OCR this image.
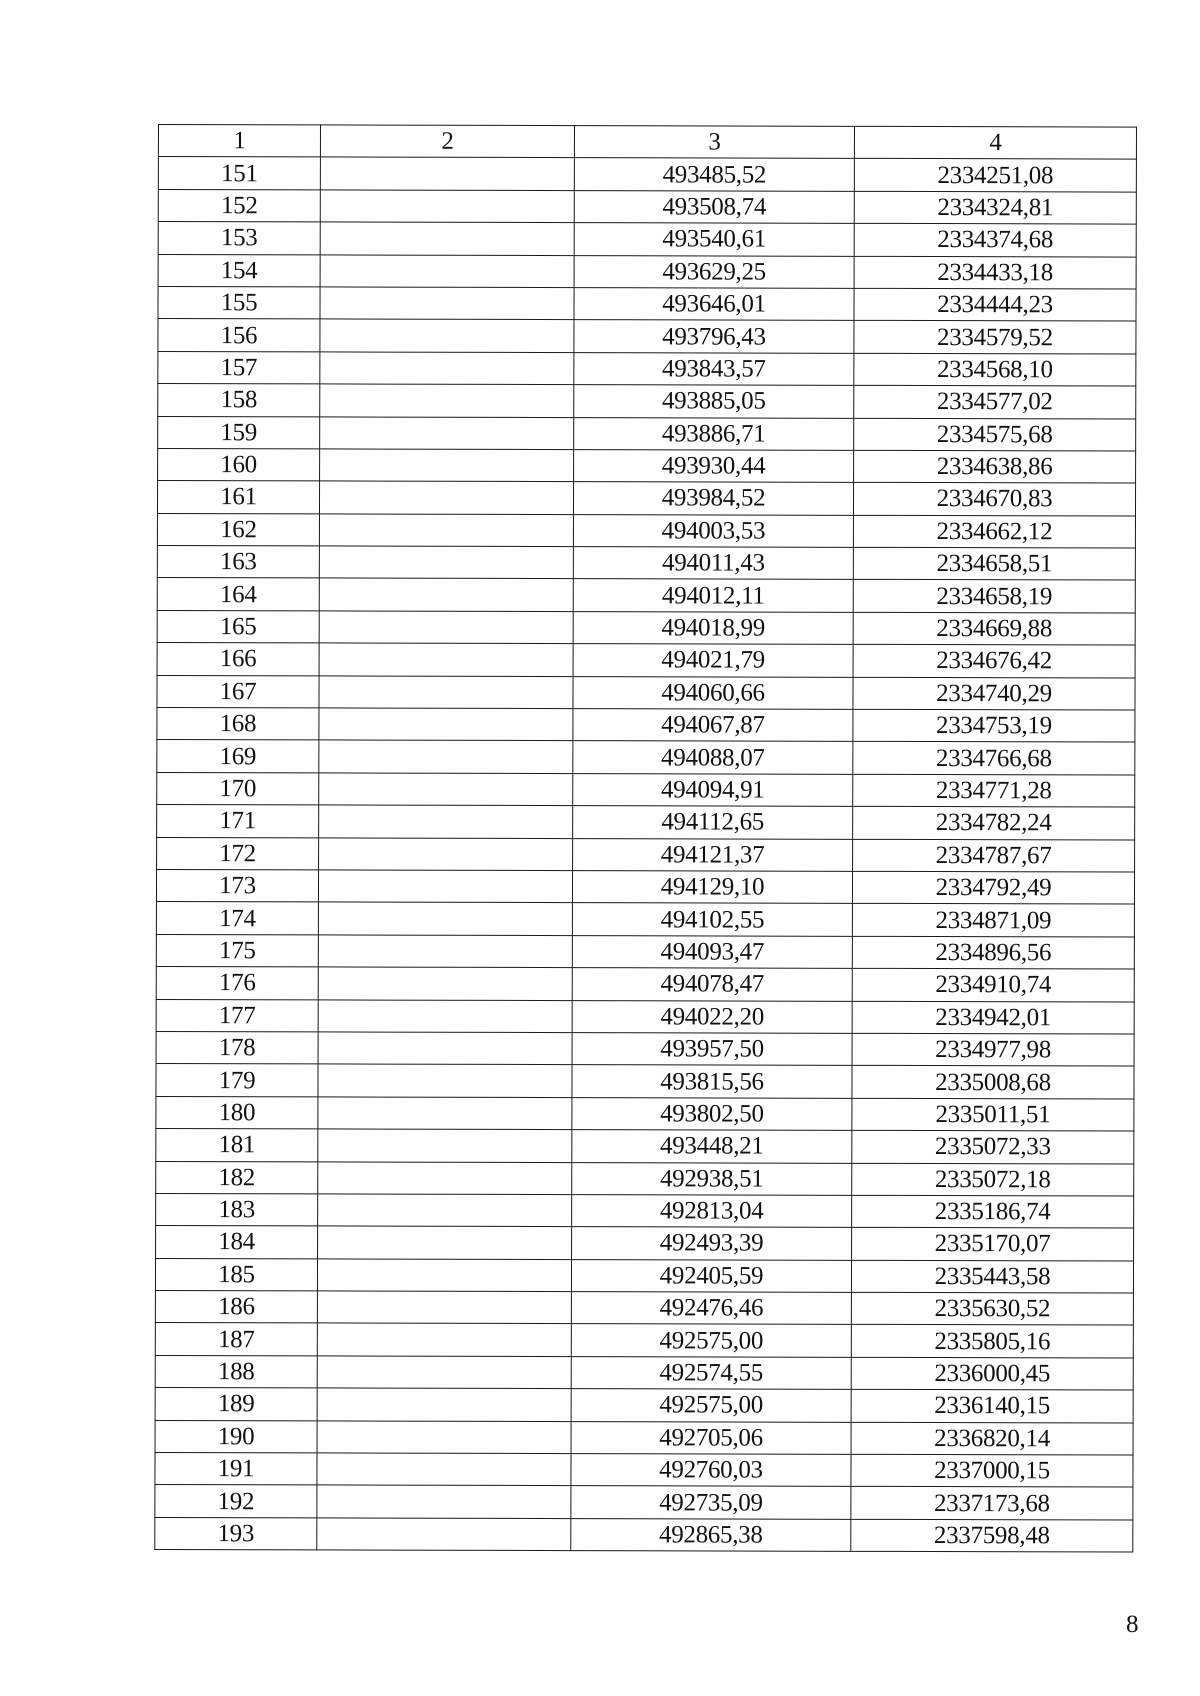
1	2	3	4
151		493485,52	2334251,08
152		493508,74	2334324,81
153		493540,61	2334374,68
154		493629,25	2334433,18
155		493646,01	2334444,23
156		493796,43	2334579,52
157		493843,57	2334568,10
158		493885,05	2334577,02
159		493886,71	2334575,68
160		493930,44	2334638,86
161		493984,52	2334670,83
162		494003,53	2334662,12
163		494011,43	2334658,51
164		494012,11	2334658,19
165		494018,99	2334669,88
166		494021,79	2334676,42
167		494060,66	2334740,29
168		494067,87	2334753,19
169		494088,07	2334766,68
170		494094,91	2334771,28
171		494112,65	2334782,24
172		494121,37	2334787,67
173		494129,10	2334792,49
174		494102,55	2334871,09
175		494093,47	2334896,56
176		494078,47	2334910,74
177		494022,20	2334942,01
178		493957,50	2334977,98
179		493815,56	2335008,68
180		493802,50	2335011,51
181		493448,21	2335072,33
182		492938,51	2335072,18
183		492813,04	2335186,74
184		492493,39	2335170,07
185		492405,59	2335443,58
186		492476,46	2335630,52
187		492575,00	2335805,16
188		492574,55	2336000,45
189		492575,00	2336140,15
190		492705,06	2336820,14
191		492760,03	2337000,15
192		492735,09	2337173,68
193		492865,38	2337598,48
8
